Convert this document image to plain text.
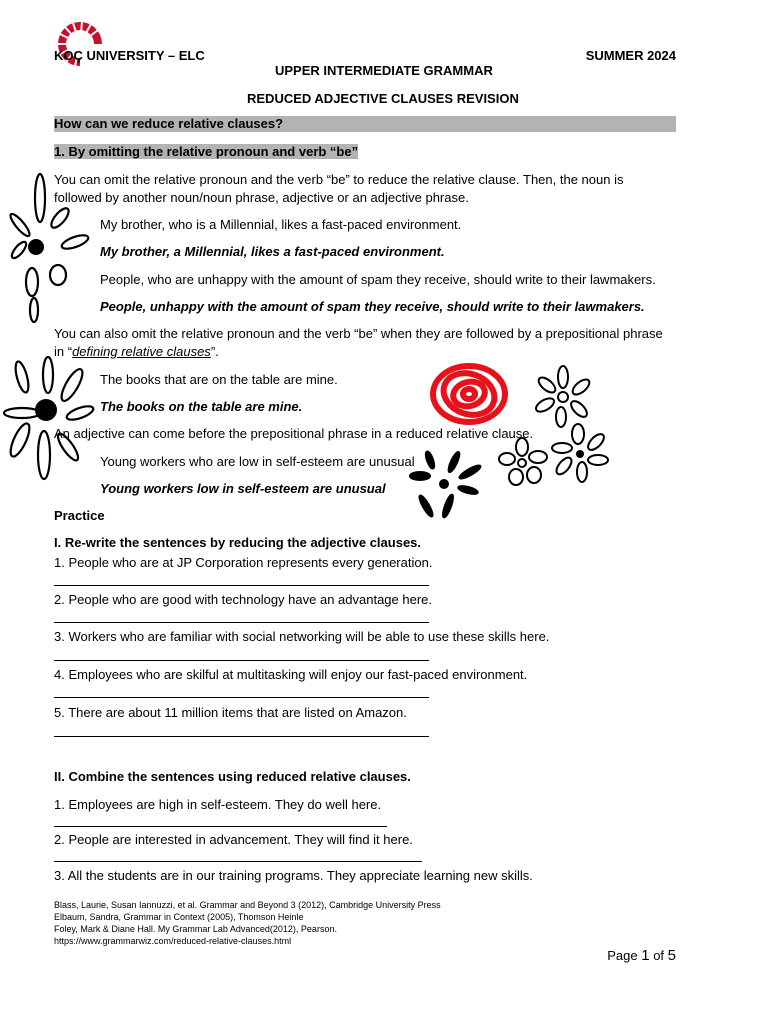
KOÇ UNIVERSITY – ELC	SUMMER 2024
UPPER INTERMEDIATE GRAMMAR
REDUCED ADJECTIVE CLAUSES REVISION
How can we reduce relative clauses?
1. By omitting the relative pronoun and verb “be”
You can omit the relative pronoun and the verb “be” to reduce the relative clause. Then, the noun is
followed by another noun/noun phrase, adjective or an adjective phrase.
My brother, who is a Millennial, likes a fast-paced environment.
My brother, a Millennial, likes a fast-paced environment.
People, who are unhappy with the amount of spam they receive, should write to their lawmakers.
People, unhappy with the amount of spam they receive, should write to their lawmakers.
You can also omit the relative pronoun and the verb “be” when they are followed by a prepositional phrase
in “defining relative clauses”.
The books that are on the table are mine.
The books on the table are mine.
An adjective can come before the prepositional phrase in a reduced relative clause.
Young workers who are low in self-esteem are unusual
Young workers low in self-esteem are unusual
Practice
I. Re-write the sentences by reducing the adjective clauses.
1. People who are at JP Corporation represents every generation.
2. People who are good with technology have an advantage here.
3. Workers who are familiar with social networking will be able to use these skills here.
4. Employees who are skilful at multitasking will enjoy our fast-paced environment.
5. There are about 11 million items that are listed on Amazon.
II. Combine the sentences using reduced relative clauses.
1. Employees are high in self-esteem. They do well here.
2. People are interested in advancement. They will find it here.
3. All the students are in our training programs. They appreciate learning new skills.
Blass, Laurie, Susan Iannuzzi, et al. Grammar and Beyond 3 (2012), Cambridge University Press
Elbaum, Sandra, Grammar in Context (2005), Thomson Heinle
Foley, Mark & Diane Hall. My Grammar Lab Advanced(2012), Pearson.
https://www.grammarwiz.com/reduced-relative-clauses.html
Page 1 of 5
